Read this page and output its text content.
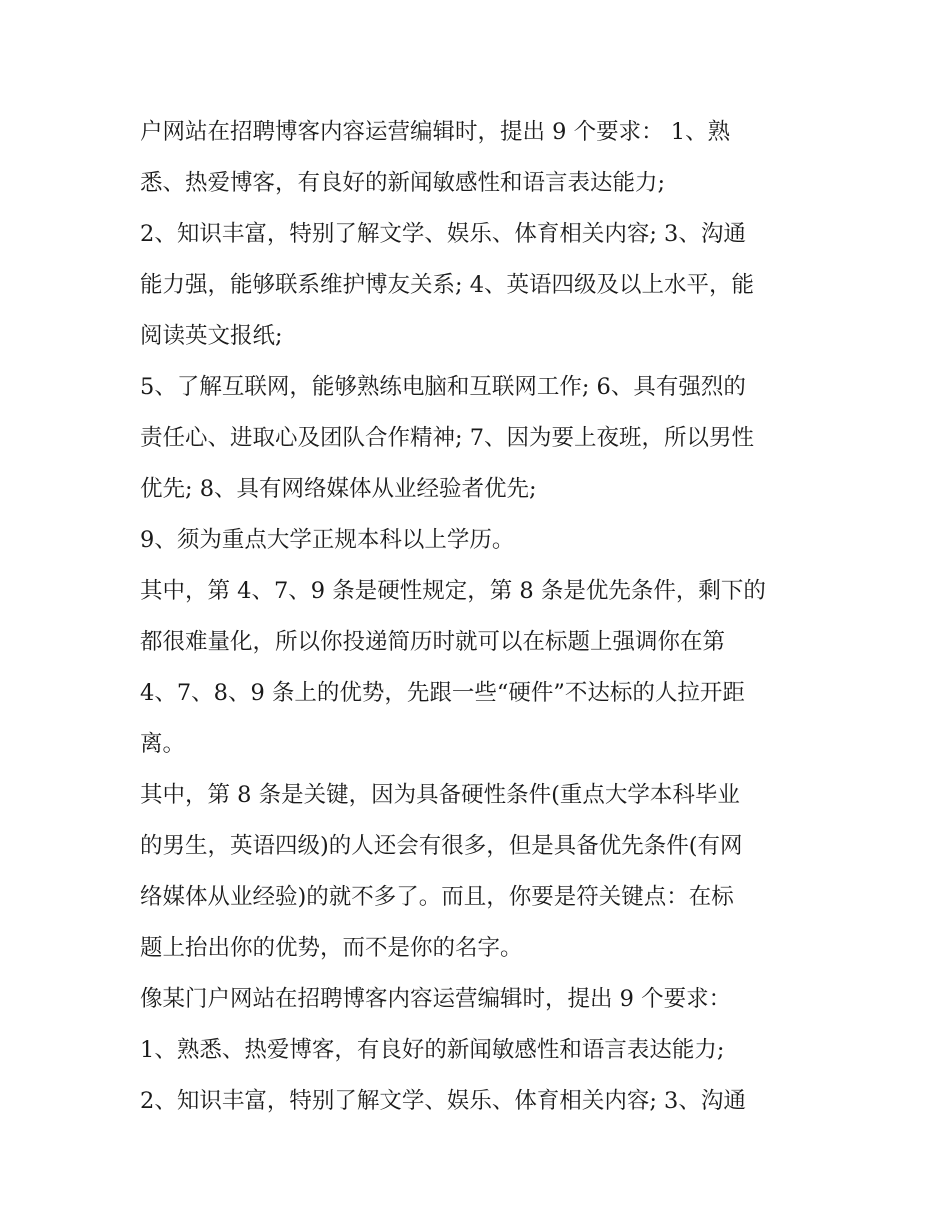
户网站在招聘博客内容运营编辑时，提出 9 个要求： 1、熟

悉、热爱博客，有良好的新闻敏感性和语言表达能力;

2、知识丰富，特别了解文学、娱乐、体育相关内容; 3、沟通

能力强，能够联系维护博友关系; 4、英语四级及以上水平，能

阅读英文报纸;

5、了解互联网，能够熟练电脑和互联网工作; 6、具有强烈的

责任心、进取心及团队合作精神; 7、因为要上夜班，所以男性

优先; 8、具有网络媒体从业经验者优先;

9、须为重点大学正规本科以上学历。

其中，第 4、7、9 条是硬性规定，第 8 条是优先条件，剩下的

都很难量化，所以你投递简历时就可以在标题上强调你在第

4、7、8、9 条上的优势，先跟一些“硬件”不达标的人拉开距

离。

其中，第 8 条是关键，因为具备硬性条件(重点大学本科毕业

的男生，英语四级)的人还会有很多，但是具备优先条件(有网

络媒体从业经验)的就不多了。而且，你要是符关键点：在标

题上抬出你的优势，而不是你的名字。

像某门户网站在招聘博客内容运营编辑时，提出 9 个要求：

1、熟悉、热爱博客，有良好的新闻敏感性和语言表达能力;

2、知识丰富，特别了解文学、娱乐、体育相关内容; 3、沟通
